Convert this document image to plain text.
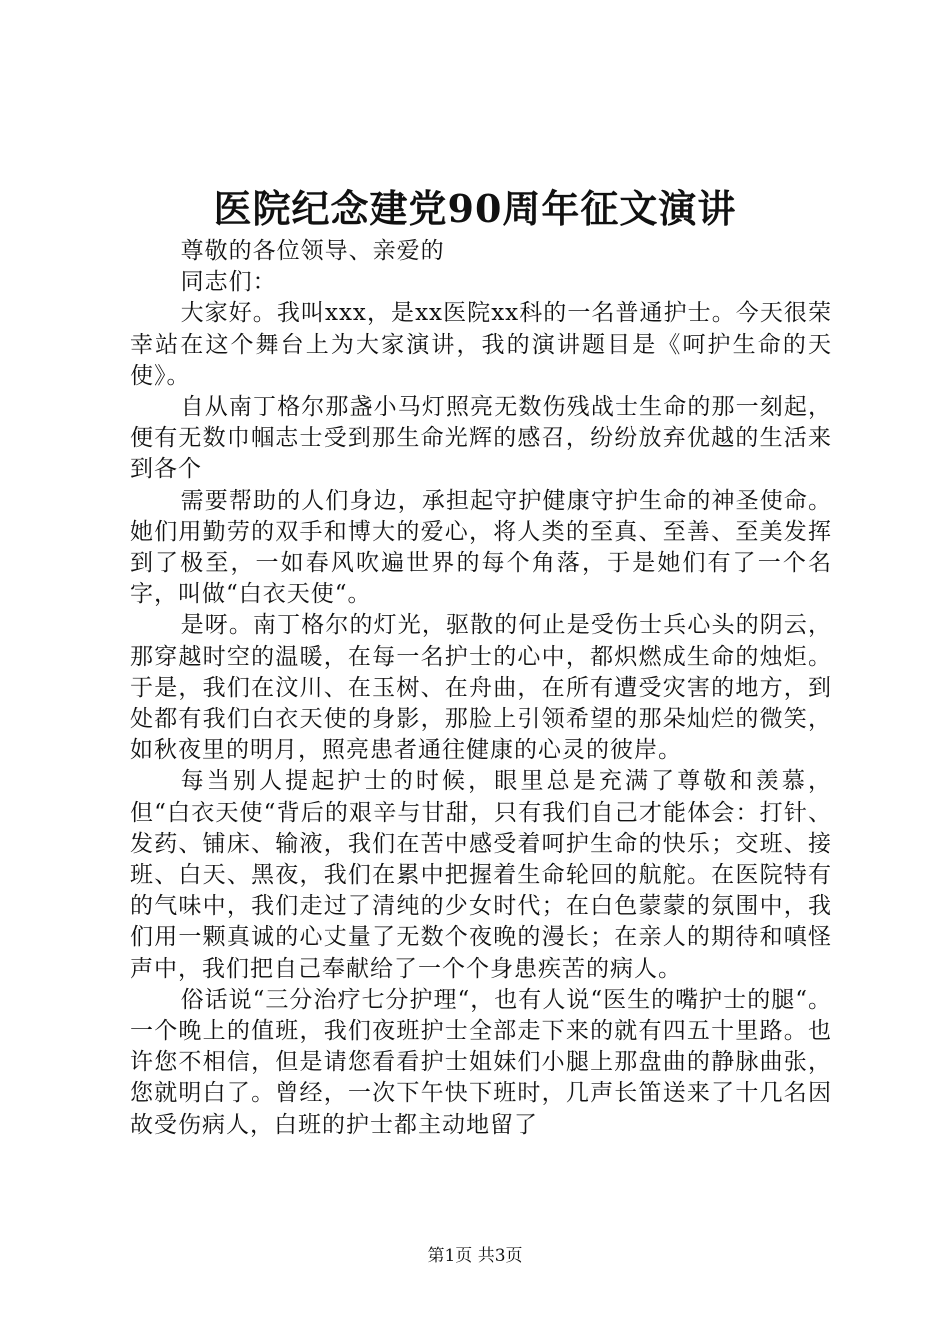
医院纪念建党90周年征文演讲

尊敬的各位领导、亲爱的

同志们：

大家好。我叫xxx，是xx医院xx科的一名普通护士。今天很荣幸站在这个舞台上为大家演讲，我的演讲题目是《呵护生命的天使》。

自从南丁格尔那盏小马灯照亮无数伤残战士生命的那一刻起，便有无数巾帼志士受到那生命光辉的感召，纷纷放弃优越的生活来到各个

需要帮助的人们身边，承担起守护健康守护生命的神圣使命。她们用勤劳的双手和博大的爱心，将人类的至真、至善、至美发挥到了极至，一如春风吹遍世界的每个角落，于是她们有了一个名字，叫做“白衣天使“。

是呀。南丁格尔的灯光，驱散的何止是受伤士兵心头的阴云，那穿越时空的温暖，在每一名护士的心中，都炽燃成生命的烛炬。于是，我们在汶川、在玉树、在舟曲，在所有遭受灾害的地方，到处都有我们白衣天使的身影，那脸上引领希望的那朵灿烂的微笑，如秋夜里的明月，照亮患者通往健康的心灵的彼岸。

每当别人提起护士的时候，眼里总是充满了尊敬和羡慕，但“白衣天使“背后的艰辛与甘甜，只有我们自己才能体会：打针、发药、铺床、输液，我们在苦中感受着呵护生命的快乐；交班、接班、白天、黑夜，我们在累中把握着生命轮回的航舵。在医院特有的气味中，我们走过了清纯的少女时代；在白色蒙蒙的氛围中，我们用一颗真诚的心丈量了无数个夜晚的漫长；在亲人的期待和嗔怪声中，我们把自己奉献给了一个个身患疾苦的病人。

俗话说“三分治疗七分护理“，也有人说“医生的嘴护士的腿“。一个晚上的值班，我们夜班护士全部走下来的就有四五十里路。也许您不相信，但是请您看看护士姐妹们小腿上那盘曲的静脉曲张，您就明白了。曾经，一次下午快下班时，几声长笛送来了十几名因故受伤病人，白班的护士都主动地留了

第1页 共3页
